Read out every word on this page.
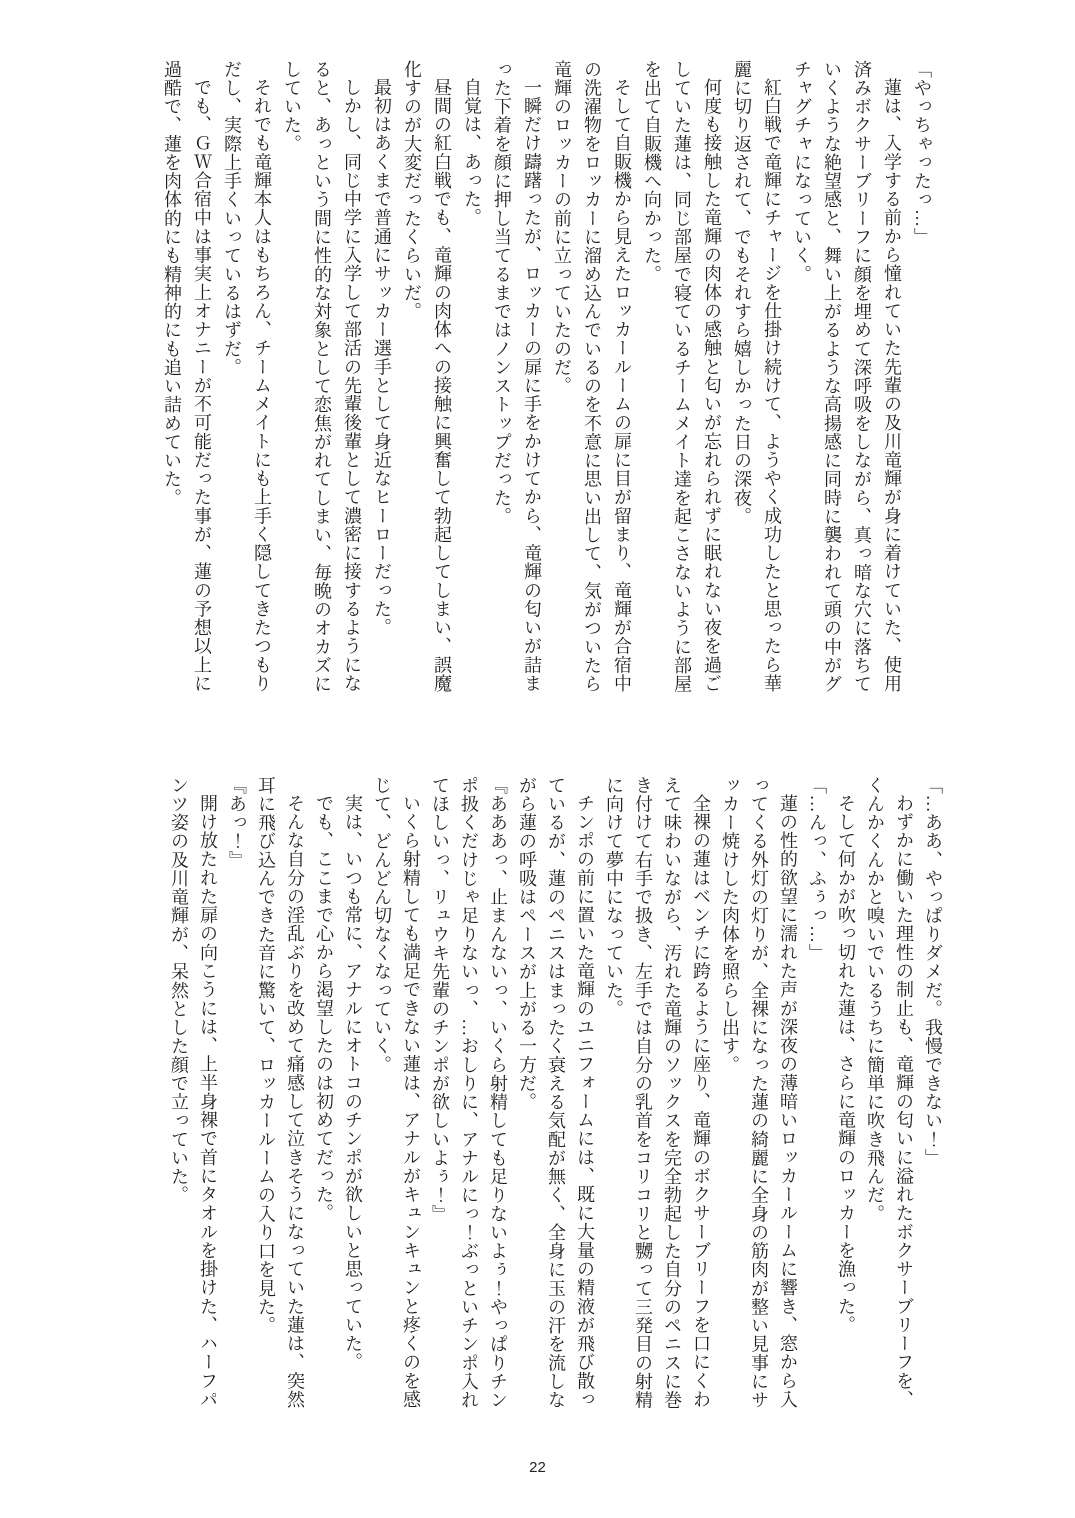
「やっちゃったっ…」

蓮は、入学する前から憧れていた先輩の及川竜輝が身に着けていた、使用済みボクサーブリーフに顔を埋めて深呼吸をしながら、真っ暗な穴に落ちていくような絶望感と、舞い上がるような高揚感に同時に襲われて頭の中がグチャグチャになっていく。

紅白戦で竜輝にチャージを仕掛け続けて、ようやく成功したと思ったら華麗に切り返されて、でもそれすら嬉しかった日の深夜。

何度も接触した竜輝の肉体の感触と匂いが忘れられずに眠れない夜を過ごしていた蓮は、同じ部屋で寝ているチームメイト達を起こさないように部屋を出て自販機へ向かった。

そして自販機から見えたロッカールームの扉に目が留まり、竜輝が合宿中の洗濯物をロッカーに溜め込んでいるのを不意に思い出して、気がついたら竜輝のロッカーの前に立っていたのだ。

一瞬だけ躊躇ったが、ロッカーの扉に手をかけてから、竜輝の匂いが詰まった下着を顔に押し当てるまではノンストップだった。

自覚は、あった。

昼間の紅白戦でも、竜輝の肉体への接触に興奮して勃起してしまい、誤魔化すのが大変だったくらいだ。

最初はあくまで普通にサッカー選手として身近なヒーローだった。

しかし、同じ中学に入学して部活の先輩後輩として濃密に接するようになると、あっという間に性的な対象として恋焦がれてしまい、毎晩のオカズにしていた。

それでも竜輝本人はもちろん、チームメイトにも上手く隠してきたつもりだし、実際上手くいっているはずだ。

でも、ＧＷ合宿中は事実上オナニーが不可能だった事が、蓮の予想以上に過酷で、蓮を肉体的にも精神的にも追い詰めていた。

「…ああ、やっぱりダメだ。我慢できない！」

わずかに働いた理性の制止も、竜輝の匂いに溢れたボクサーブリーフを、くんかくんかと嗅いでいるうちに簡単に吹き飛んだ。

そして何かが吹っ切れた蓮は、さらに竜輝のロッカーを漁った。

「…んっ、ふぅっ…」

蓮の性的欲望に濡れた声が深夜の薄暗いロッカールームに響き、窓から入ってくる外灯の灯りが、全裸になった蓮の綺麗に全身の筋肉が整い見事にサッカー焼けした肉体を照らし出す。

全裸の蓮はベンチに跨るように座り、竜輝のボクサーブリーフを口にくわえて味わいながら、汚れた竜輝のソックスを完全勃起した自分のペニスに巻き付けて右手で扱き、左手では自分の乳首をコリコリと嬲って三発目の射精に向けて夢中になっていた。

チンポの前に置いた竜輝のユニフォームには、既に大量の精液が飛び散っているが、蓮のペニスはまったく衰える気配が無く、全身に玉の汗を流しながら蓮の呼吸はペースが上がる一方だ。

『あああっ、止まんないっ、いくら射精しても足りないよぅ！やっぱりチンポ扱くだけじゃ足りないっ、…おしりに、アナルにっ！ぶっといチンポ入れてほしいっ、リュウキ先輩のチンポが欲しいよぅ！』

いくら射精しても満足できない蓮は、アナルがキュンキュンと疼くのを感じて、どんどん切なくなっていく。

実は、いつも常に、アナルにオトコのチンポが欲しいと思っていた。

でも、ここまで心から渇望したのは初めてだった。

そんな自分の淫乱ぶりを改めて痛感して泣きそうになっていた蓮は、突然耳に飛び込んできた音に驚いて、ロッカールームの入り口を見た。

『あっ！』

開け放たれた扉の向こうには、上半身裸で首にタオルを掛けた、ハーフパンツ姿の及川竜輝が、呆然とした顔で立っていた。

22
